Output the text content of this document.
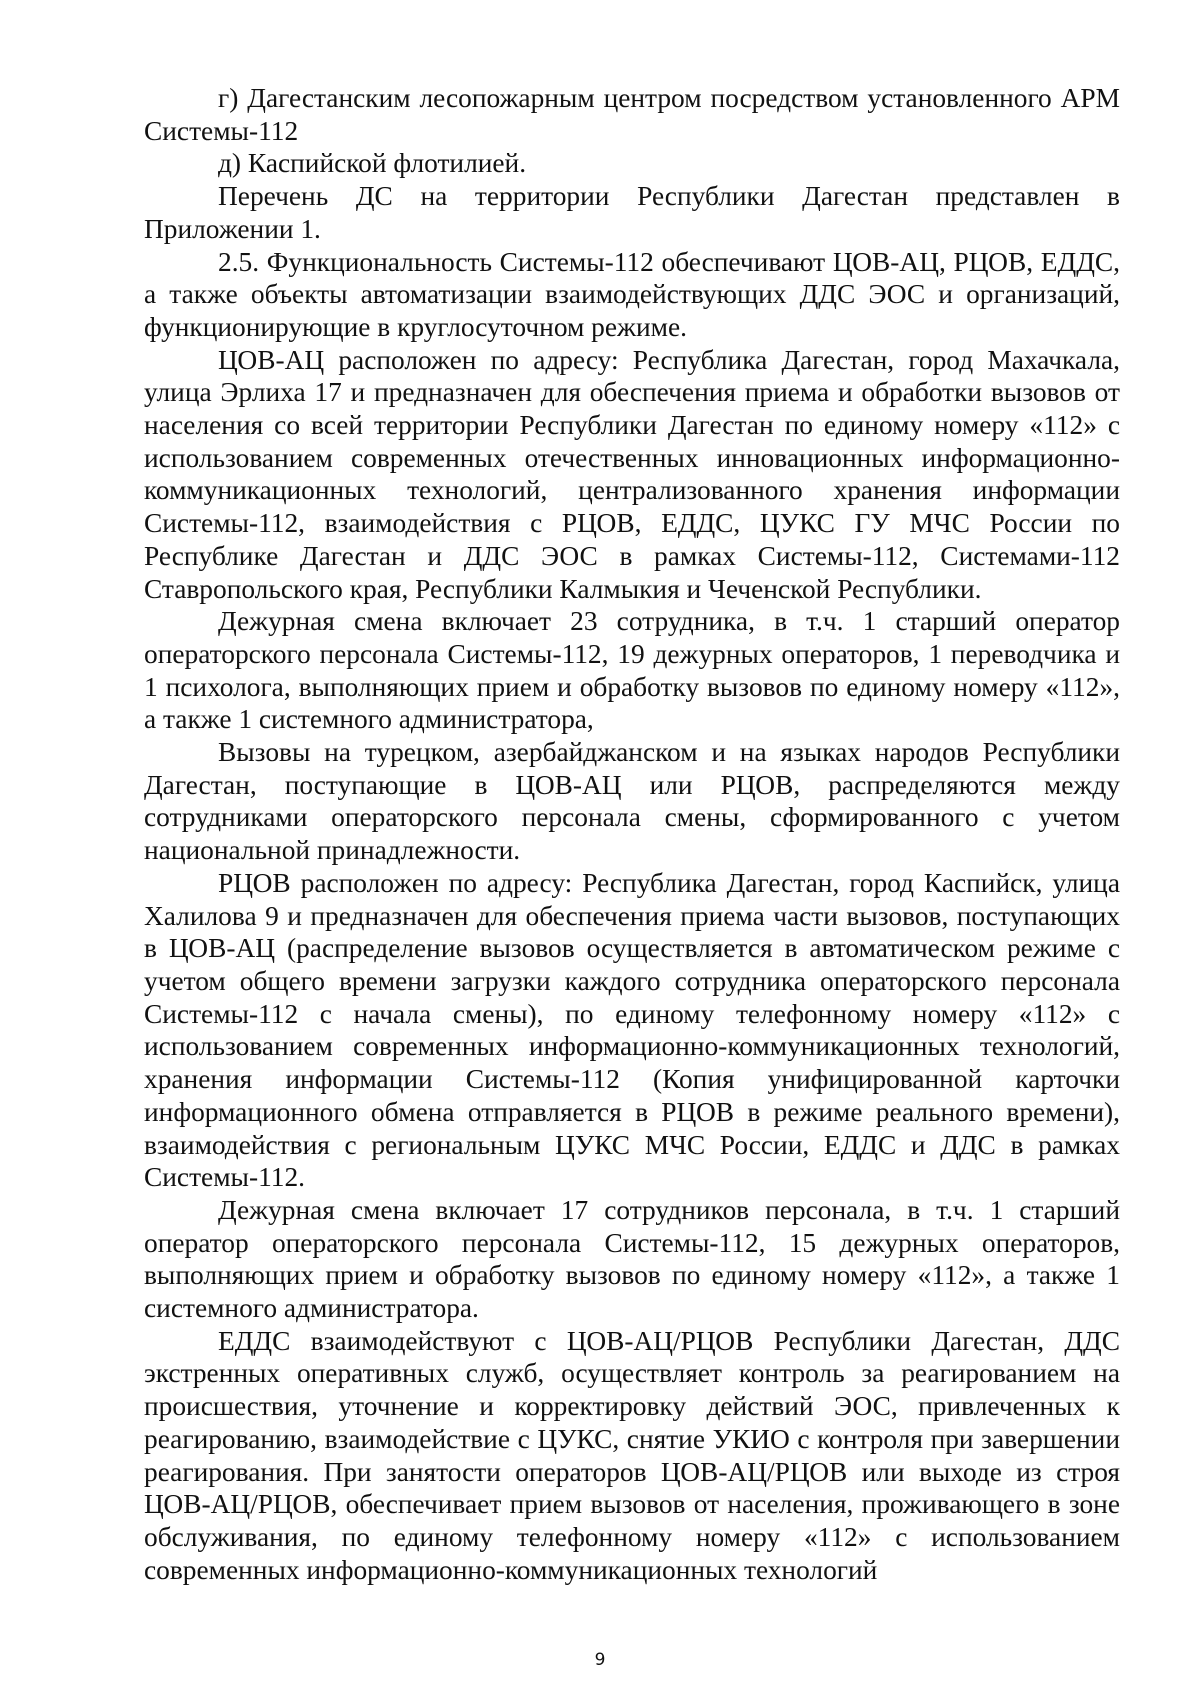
г) Дагестанским лесопожарным центром посредством установленного АРМ Системы-112

д) Каспийской флотилией.

Перечень ДС на территории Республики Дагестан представлен в Приложении 1.

2.5. Функциональность Системы-112 обеспечивают ЦОВ-АЦ, РЦОВ, ЕДДС, а также объекты автоматизации взаимодействующих ДДС ЭОС и организаций, функционирующие в круглосуточном режиме.

ЦОВ-АЦ расположен по адресу: Республика Дагестан, город Махачкала, улица Эрлиха 17 и предназначен для обеспечения приема и обработки вызовов от населения со всей территории Республики Дагестан по единому номеру «112» с использованием современных отечественных инновационных информационно-коммуникационных технологий, централизованного хранения информации Системы-112, взаимодействия с РЦОВ, ЕДДС, ЦУКС ГУ МЧС России по Республике Дагестан и ДДС ЭОС в рамках Системы-112, Системами-112 Ставропольского края, Республики Калмыкия и Чеченской Республики.

Дежурная смена включает 23 сотрудника, в т.ч. 1 старший оператор операторского персонала Системы-112, 19 дежурных операторов, 1 переводчика и 1 психолога, выполняющих прием и обработку вызовов по единому номеру «112», а также 1 системного администратора,

Вызовы на турецком, азербайджанском и на языках народов Республики Дагестан, поступающие в ЦОВ-АЦ или РЦОВ, распределяются между сотрудниками операторского персонала смены, сформированного с учетом национальной принадлежности.

РЦОВ расположен по адресу: Республика Дагестан, город Каспийск, улица Халилова 9 и предназначен для обеспечения приема части вызовов, поступающих в ЦОВ-АЦ (распределение вызовов осуществляется в автоматическом режиме с учетом общего времени загрузки каждого сотрудника операторского персонала Системы-112 с начала смены), по единому телефонному номеру «112» с использованием современных информационно-коммуникационных технологий, хранения информации Системы-112 (Копия унифицированной карточки информационного обмена отправляется в РЦОВ в режиме реального времени), взаимодействия с региональным ЦУКС МЧС России, ЕДДС и ДДС в рамках Системы-112.

Дежурная смена включает 17 сотрудников персонала, в т.ч. 1 старший оператор операторского персонала Системы-112, 15 дежурных операторов, выполняющих прием и обработку вызовов по единому номеру «112», а также 1 системного администратора.

ЕДДС взаимодействуют с ЦОВ-АЦ/РЦОВ Республики Дагестан, ДДС экстренных оперативных служб, осуществляет контроль за реагированием на происшествия, уточнение и корректировку действий ЭОС, привлеченных к реагированию, взаимодействие с ЦУКС, снятие УКИО с контроля при завершении реагирования. При занятости операторов ЦОВ-АЦ/РЦОВ или выходе из строя ЦОВ-АЦ/РЦОВ, обеспечивает прием вызовов от населения, проживающего в зоне обслуживания, по единому телефонному номеру «112» с использованием современных информационно-коммуникационных технологий

9
